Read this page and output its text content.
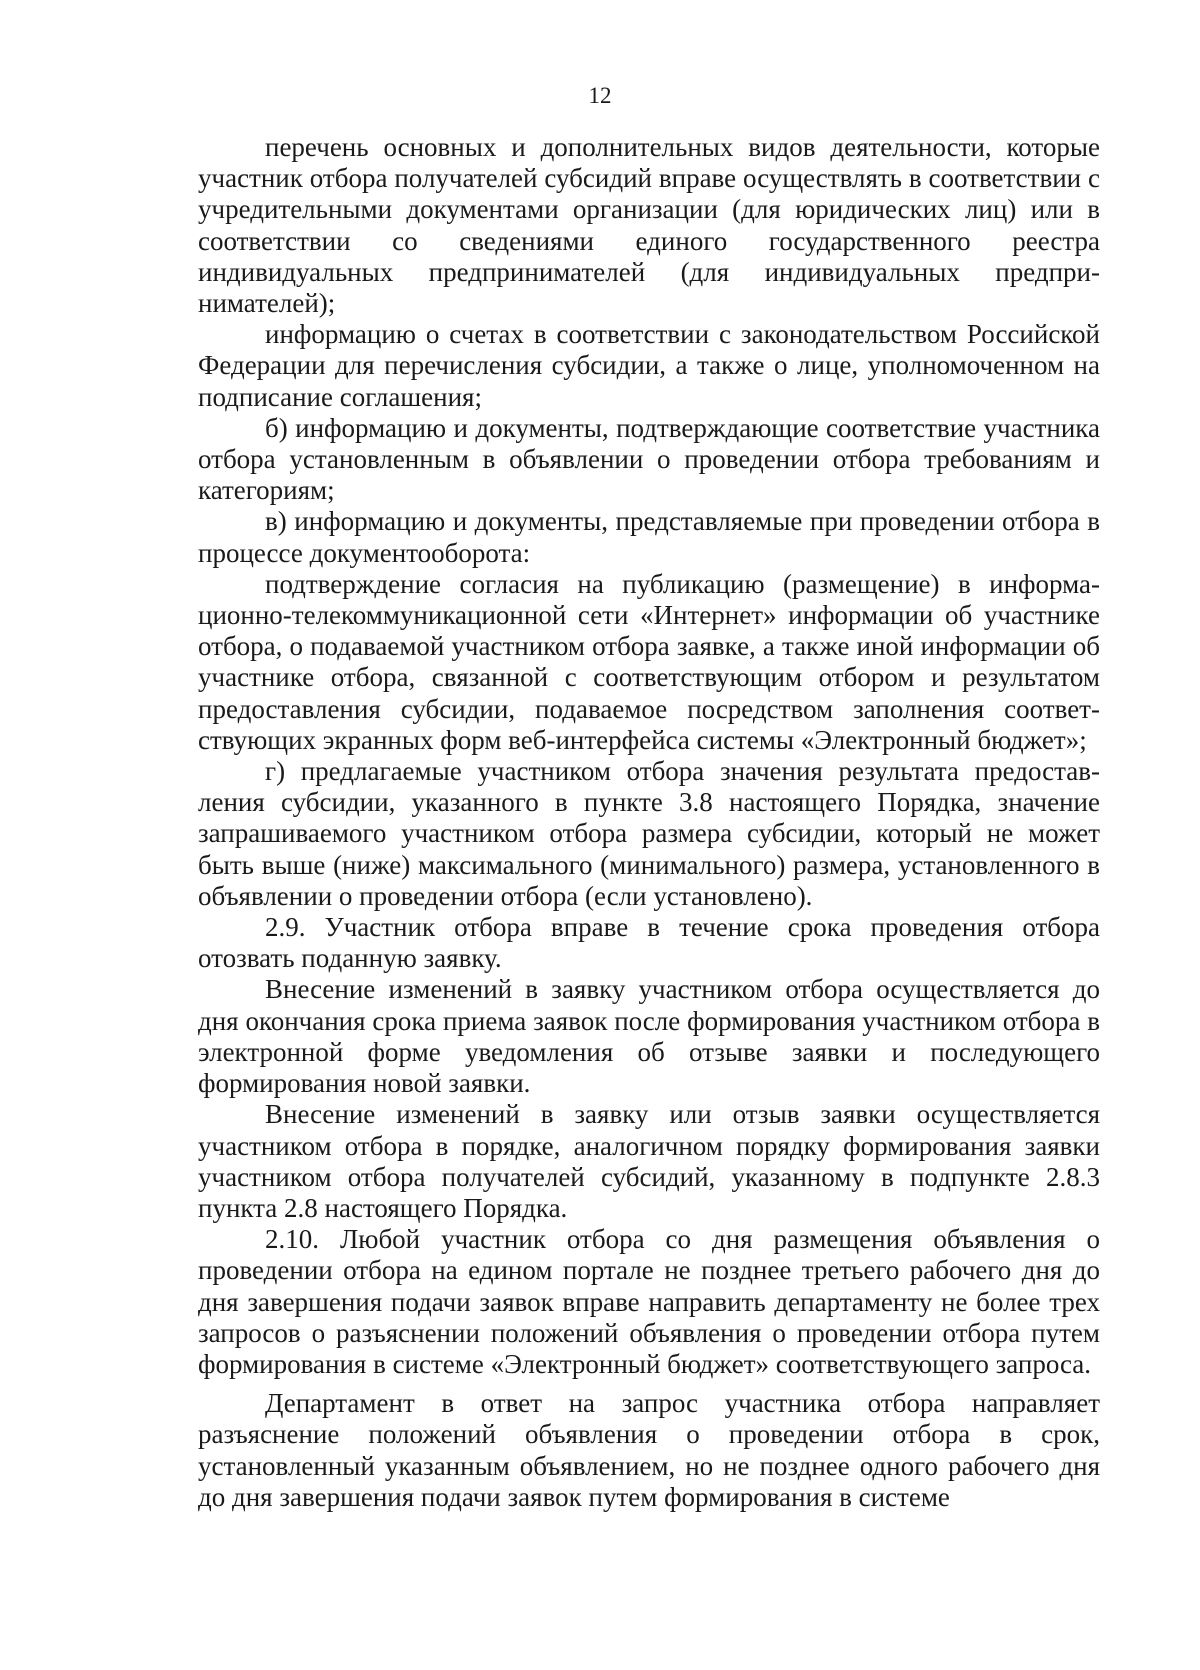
12

перечень основных и дополнительных видов деятельности, которые участник отбора получателей субсидий вправе осуществлять в соответствии с учредительными документами организации (для юридических лиц) или в соответствии со сведениями единого государственного реестра индивидуальных предпринимателей (для индивидуальных предпринимателей);

информацию о счетах в соответствии с законодательством Российской Федерации для перечисления субсидии, а также о лице, уполномоченном на подписание соглашения;

б) информацию и документы, подтверждающие соответствие участника отбора установленным в объявлении о проведении отбора требованиям и категориям;

в) информацию и документы, представляемые при проведении отбора в процессе документооборота:

подтверждение согласия на публикацию (размещение) в информационно-телекоммуникационной сети «Интернет» информации об участнике отбора, о подаваемой участником отбора заявке, а также иной информации об участнике отбора, связанной с соответствующим отбором и результатом предоставления субсидии, подаваемое посредством заполнения соответствующих экранных форм веб-интерфейса системы «Электронный бюджет»;

г) предлагаемые участником отбора значения результата предоставления субсидии, указанного в пункте 3.8 настоящего Порядка, значение запрашиваемого участником отбора размера субсидии, который не может быть выше (ниже) максимального (минимального) размера, установленного в объявлении о проведении отбора (если установлено).

2.9. Участник отбора вправе в течение срока проведения отбора отозвать поданную заявку.

Внесение изменений в заявку участником отбора осуществляется до дня окончания срока приема заявок после формирования участником отбора в электронной форме уведомления об отзыве заявки и последующего формирования новой заявки.

Внесение изменений в заявку или отзыв заявки осуществляется участником отбора в порядке, аналогичном порядку формирования заявки участником отбора получателей субсидий, указанному в подпункте 2.8.3 пункта 2.8 настоящего Порядка.

2.10. Любой участник отбора со дня размещения объявления о проведении отбора на едином портале не позднее третьего рабочего дня до дня завершения подачи заявок вправе направить департаменту не более трех запросов о разъяснении положений объявления о проведении отбора путем формирования в системе «Электронный бюджет» соответствующего запроса.

Департамент в ответ на запрос участника отбора направляет разъяснение положений объявления о проведении отбора в срок, установленный указанным объявлением, но не позднее одного рабочего дня до дня завершения подачи заявок путем формирования в системе
